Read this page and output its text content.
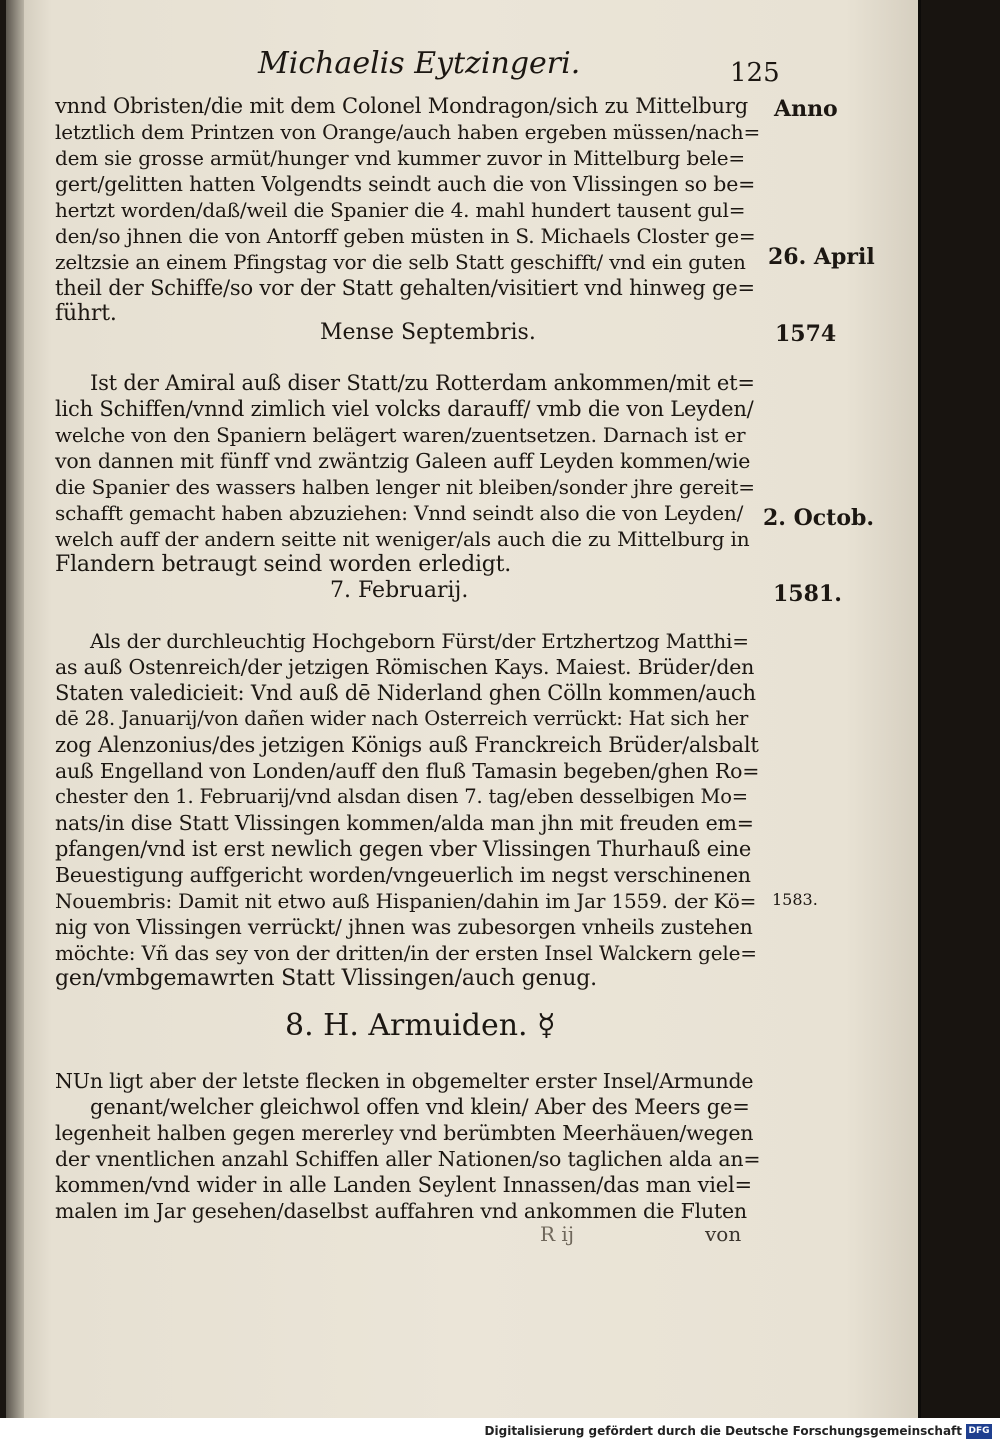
Michaelis Eytzingeri.	125
vnnd Obristen/die mit dem Colonel Mondragon/sich zu Mittelburg
letztlich dem Printzen von Orange/auch haben ergeben müssen/nach=
dem sie grosse armüt/hunger vnd kummer zuvor in Mittelburg bele=
gert/gelitten hatten Volgendts seindt auch die von Vlissingen so be=
hertzt worden/daß/weil die Spanier die 4. mahl hundert tausent gul=
den/so jhnen die von Antorff geben müsten in S. Michaels Closter ge=
zeltzsie an einem Pfingstag vor die selb Statt geschifft/ vnd ein guten
theil der Schiffe/so vor der Statt gehalten/visitiert vnd hinweg ge=
führt.
Mense Septembris.
Ist der Amiral auß diser Statt/zu Rotterdam ankommen/mit et=
lich Schiffen/vnnd zimlich viel volcks darauff/ vmb die von Leyden/
welche von den Spaniern belägert waren/zuentsetzen. Darnach ist er
von dannen mit fünff vnd zwäntzig Galeen auff Leyden kommen/wie
die Spanier des wassers halben lenger nit bleiben/sonder jhre gereit=
schafft gemacht haben abzuziehen: Vnnd seindt also die von Leyden/
welch auff der andern seitte nit weniger/als auch die zu Mittelburg in
Flandern betraugt seind worden erledigt.
7. Februarij.
Als der durchleuchtig Hochgeborn Fürst/der Ertzhertzog Matthi=
as auß Ostenreich/der jetzigen Römischen Kays. Maiest. Brüder/den
Staten valedicieit: Vnd auß dē Niderland ghen Cölln kommen/auch
dē 28. Januarij/von dañen wider nach Osterreich verrückt: Hat sich her
zog Alenzonius/des jetzigen Königs auß Franckreich Brüder/alsbalt
auß Engelland von Londen/auff den fluß Tamasin begeben/ghen Ro=
chester den 1. Februarij/vnd alsdan disen 7. tag/eben desselbigen Mo=
nats/in dise Statt Vlissingen kommen/alda man jhn mit freuden em=
pfangen/vnd ist erst newlich gegen vber Vlissingen Thurhauß eine
Beuestigung auffgericht worden/vngeuerlich im negst verschinenen
Nouembris: Damit nit etwo auß Hispanien/dahin im Jar 1559. der Kö=
nig von Vlissingen verrückt/ jhnen was zubesorgen vnheils zustehen
möchte: Vñ das sey von der dritten/in der ersten Insel Walckern gele=
gen/vmbgemawrten Statt Vlissingen/auch genug.
8. H. Armuiden. ☿
NUn ligt aber der letste flecken in obgemelter erster Insel/Armunde
genant/welcher gleichwol offen vnd klein/ Aber des Meers ge=
legenheit halben gegen mererley vnd berümbten Meerhäuen/wegen
der vnentlichen anzahl Schiffen aller Nationen/so taglichen alda an=
kommen/vnd wider in alle Landen Seylent Innassen/das man viel=
malen im Jar gesehen/daselbst auffahren vnd ankommen die Fluten
R ij	von
Anno
26. April
1574
2. Octob.
1581.
1583.
Digitalisierung gefördert durch die Deutsche Forschungsgemeinschaft DFG
